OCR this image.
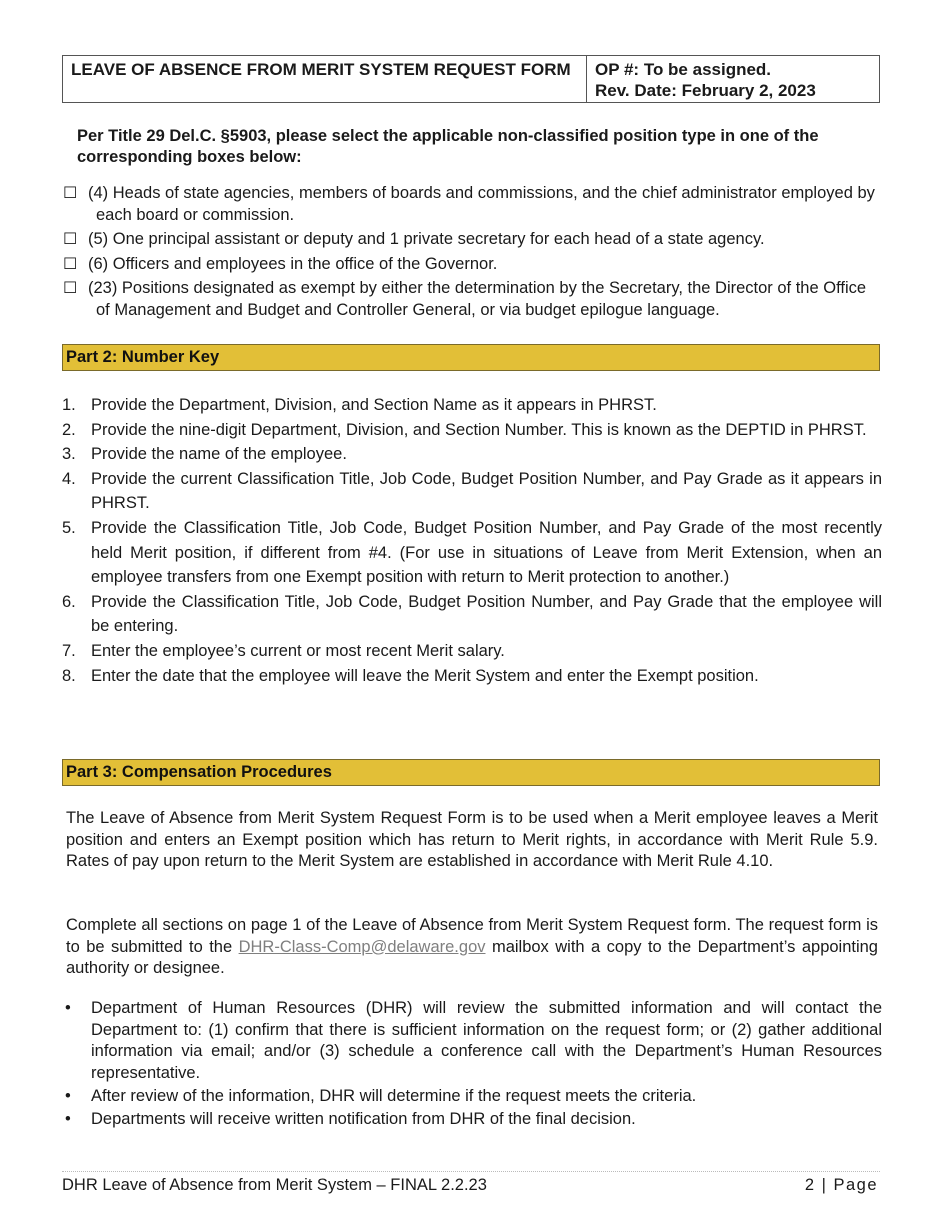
LEAVE OF ABSENCE FROM MERIT SYSTEM REQUEST FORM	OP #: To be assigned.
Rev. Date: February 2, 2023
Per Title 29 Del.C. §5903, please select the applicable non-classified position type in one of the corresponding boxes below:
☐ (4) Heads of state agencies, members of boards and commissions, and the chief administrator employed by each board or commission.
☐ (5) One principal assistant or deputy and 1 private secretary for each head of a state agency.
☐ (6) Officers and employees in the office of the Governor.
☐ (23) Positions designated as exempt by either the determination by the Secretary, the Director of the Office of Management and Budget and Controller General, or via budget epilogue language.
Part 2: Number Key
1. Provide the Department, Division, and Section Name as it appears in PHRST.
2. Provide the nine-digit Department, Division, and Section Number. This is known as the DEPTID in PHRST.
3. Provide the name of the employee.
4. Provide the current Classification Title, Job Code, Budget Position Number, and Pay Grade as it appears in PHRST.
5. Provide the Classification Title, Job Code, Budget Position Number, and Pay Grade of the most recently held Merit position, if different from #4. (For use in situations of Leave from Merit Extension, when an employee transfers from one Exempt position with return to Merit protection to another.)
6. Provide the Classification Title, Job Code, Budget Position Number, and Pay Grade that the employee will be entering.
7. Enter the employee’s current or most recent Merit salary.
8. Enter the date that the employee will leave the Merit System and enter the Exempt position.
Part 3: Compensation Procedures
The Leave of Absence from Merit System Request Form is to be used when a Merit employee leaves a Merit position and enters an Exempt position which has return to Merit rights, in accordance with Merit Rule 5.9. Rates of pay upon return to the Merit System are established in accordance with Merit Rule 4.10.
Complete all sections on page 1 of the Leave of Absence from Merit System Request form. The request form is to be submitted to the DHR-Class-Comp@delaware.gov mailbox with a copy to the Department’s appointing authority or designee.
•	Department of Human Resources (DHR) will review the submitted information and will contact the Department to: (1) confirm that there is sufficient information on the request form; or (2) gather additional information via email; and/or (3) schedule a conference call with the Department’s Human Resources representative.
•	After review of the information, DHR will determine if the request meets the criteria.
•	Departments will receive written notification from DHR of the final decision.
DHR Leave of Absence from Merit System – FINAL 2.2.23	2 | Page
